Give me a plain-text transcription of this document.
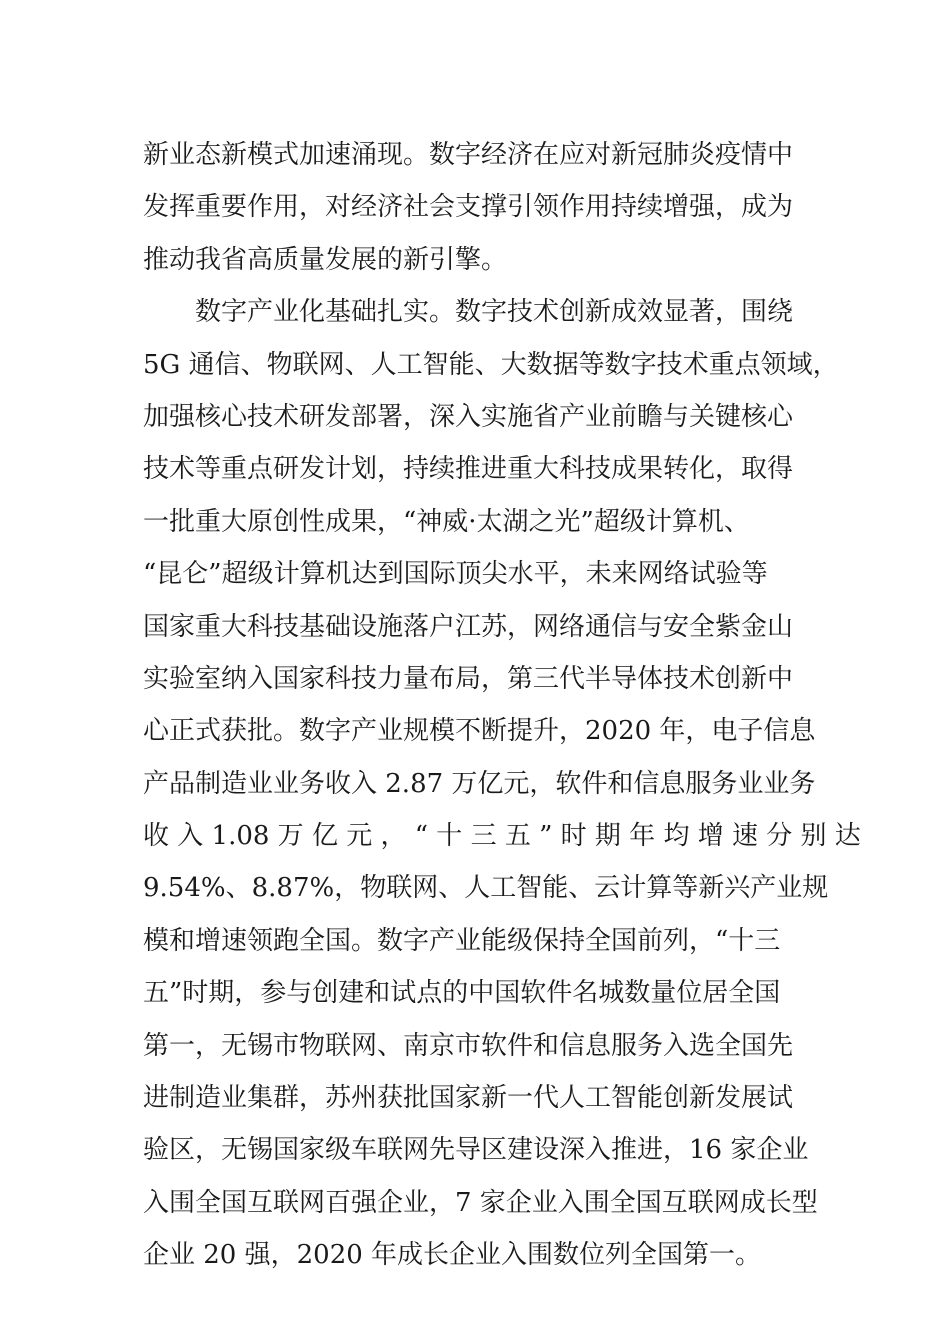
新业态新模式加速涌现。数字经济在应对新冠肺炎疫情中
发挥重要作用，对经济社会支撑引领作用持续增强，成为
推动我省高质量发展的新引擎。
数字产业化基础扎实。数字技术创新成效显著，围绕
5G 通信、物联网、人工智能、大数据等数字技术重点领域，
加强核心技术研发部署，深入实施省产业前瞻与关键核心
技术等重点研发计划，持续推进重大科技成果转化，取得
一批重大原创性成果，“神威·太湖之光”超级计算机、
“昆仑”超级计算机达到国际顶尖水平，未来网络试验等
国家重大科技基础设施落户江苏，网络通信与安全紫金山
实验室纳入国家科技力量布局，第三代半导体技术创新中
心正式获批。数字产业规模不断提升，2020 年，电子信息
产品制造业业务收入 2.87 万亿元，软件和信息服务业业务
收 入 1.08 万 亿 元 ， “ 十 三 五 ” 时 期 年 均 增 速 分 别 达
9.54%、8.87%，物联网、人工智能、云计算等新兴产业规
模和增速领跑全国。数字产业能级保持全国前列，“十三
五”时期，参与创建和试点的中国软件名城数量位居全国
第一，无锡市物联网、南京市软件和信息服务入选全国先
进制造业集群，苏州获批国家新一代人工智能创新发展试
验区，无锡国家级车联网先导区建设深入推进，16 家企业
入围全国互联网百强企业，7 家企业入围全国互联网成长型
企业 20 强，2020 年成长企业入围数位列全国第一。
